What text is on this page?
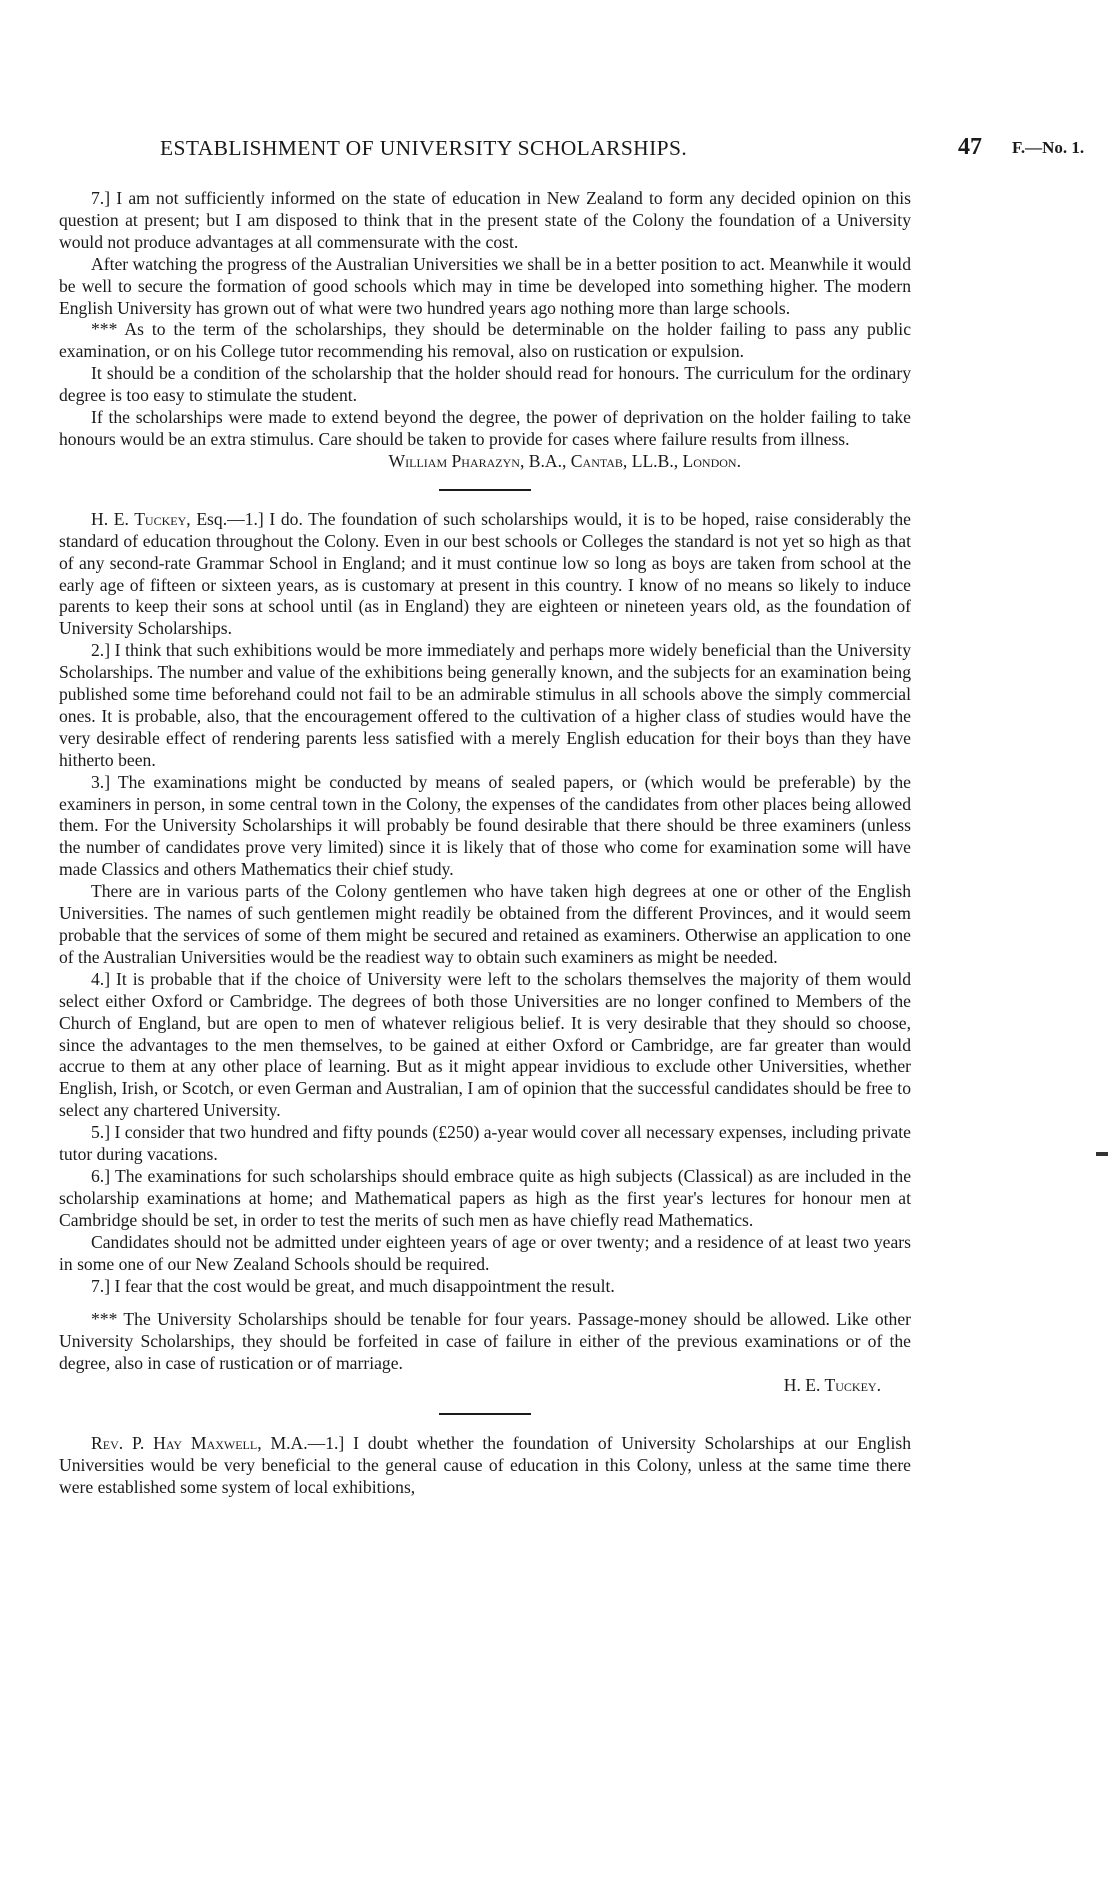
ESTABLISHMENT OF UNIVERSITY SCHOLARSHIPS.	47 F.—No. 1.

7.] I am not sufficiently informed on the state of education in New Zealand to form any decided opinion on this question at present; but I am disposed to think that in the present state of the Colony the foundation of a University would not produce advantages at all commensurate with the cost.

After watching the progress of the Australian Universities we shall be in a better position to act. Meanwhile it would be well to secure the formation of good schools which may in time be developed into something higher. The modern English University has grown out of what were two hundred years ago nothing more than large schools.

*** As to the term of the scholarships, they should be determinable on the holder failing to pass any public examination, or on his College tutor recommending his removal, also on rustication or expulsion.

It should be a condition of the scholarship that the holder should read for honours. The curriculum for the ordinary degree is too easy to stimulate the student.

If the scholarships were made to extend beyond the degree, the power of deprivation on the holder failing to take honours would be an extra stimulus. Care should be taken to provide for cases where failure results from illness.

William Pharazyn, B.A., Cantab, LL.B., London.

H. E. Tuckey, Esq.—1.] I do. The foundation of such scholarships would, it is to be hoped, raise considerably the standard of education throughout the Colony. Even in our best schools or Colleges the standard is not yet so high as that of any second-rate Grammar School in England; and it must continue low so long as boys are taken from school at the early age of fifteen or sixteen years, as is customary at present in this country. I know of no means so likely to induce parents to keep their sons at school until (as in England) they are eighteen or nineteen years old, as the foundation of University Scholarships.

2.] I think that such exhibitions would be more immediately and perhaps more widely beneficial than the University Scholarships. The number and value of the exhibitions being generally known, and the subjects for an examination being published some time beforehand could not fail to be an admirable stimulus in all schools above the simply commercial ones. It is probable, also, that the encouragement offered to the cultivation of a higher class of studies would have the very desirable effect of rendering parents less satisfied with a merely English education for their boys than they have hitherto been.

3.] The examinations might be conducted by means of sealed papers, or (which would be preferable) by the examiners in person, in some central town in the Colony, the expenses of the candidates from other places being allowed them. For the University Scholarships it will probably be found desirable that there should be three examiners (unless the number of candidates prove very limited) since it is likely that of those who come for examination some will have made Classics and others Mathematics their chief study.

There are in various parts of the Colony gentlemen who have taken high degrees at one or other of the English Universities. The names of such gentlemen might readily be obtained from the different Provinces, and it would seem probable that the services of some of them might be secured and retained as examiners. Otherwise an application to one of the Australian Universities would be the readiest way to obtain such examiners as might be needed.

4.] It is probable that if the choice of University were left to the scholars themselves the majority of them would select either Oxford or Cambridge. The degrees of both those Universities are no longer confined to Members of the Church of England, but are open to men of whatever religious belief. It is very desirable that they should so choose, since the advantages to the men themselves, to be gained at either Oxford or Cambridge, are far greater than would accrue to them at any other place of learning. But as it might appear invidious to exclude other Universities, whether English, Irish, or Scotch, or even German and Australian, I am of opinion that the successful candidates should be free to select any chartered University.

5.] I consider that two hundred and fifty pounds (£250) a-year would cover all necessary expenses, including private tutor during vacations.

6.] The examinations for such scholarships should embrace quite as high subjects (Classical) as are included in the scholarship examinations at home; and Mathematical papers as high as the first year's lectures for honour men at Cambridge should be set, in order to test the merits of such men as have chiefly read Mathematics.

Candidates should not be admitted under eighteen years of age or over twenty; and a residence of at least two years in some one of our New Zealand Schools should be required.

7.] I fear that the cost would be great, and much disappointment the result.

*** The University Scholarships should be tenable for four years. Passage-money should be allowed. Like other University Scholarships, they should be forfeited in case of failure in either of the previous examinations or of the degree, also in case of rustication or of marriage.

H. E. Tuckey.

Rev. P. Hay Maxwell, M.A.—1.] I doubt whether the foundation of University Scholarships at our English Universities would be very beneficial to the general cause of education in this Colony, unless at the same time there were established some system of local exhibitions,
